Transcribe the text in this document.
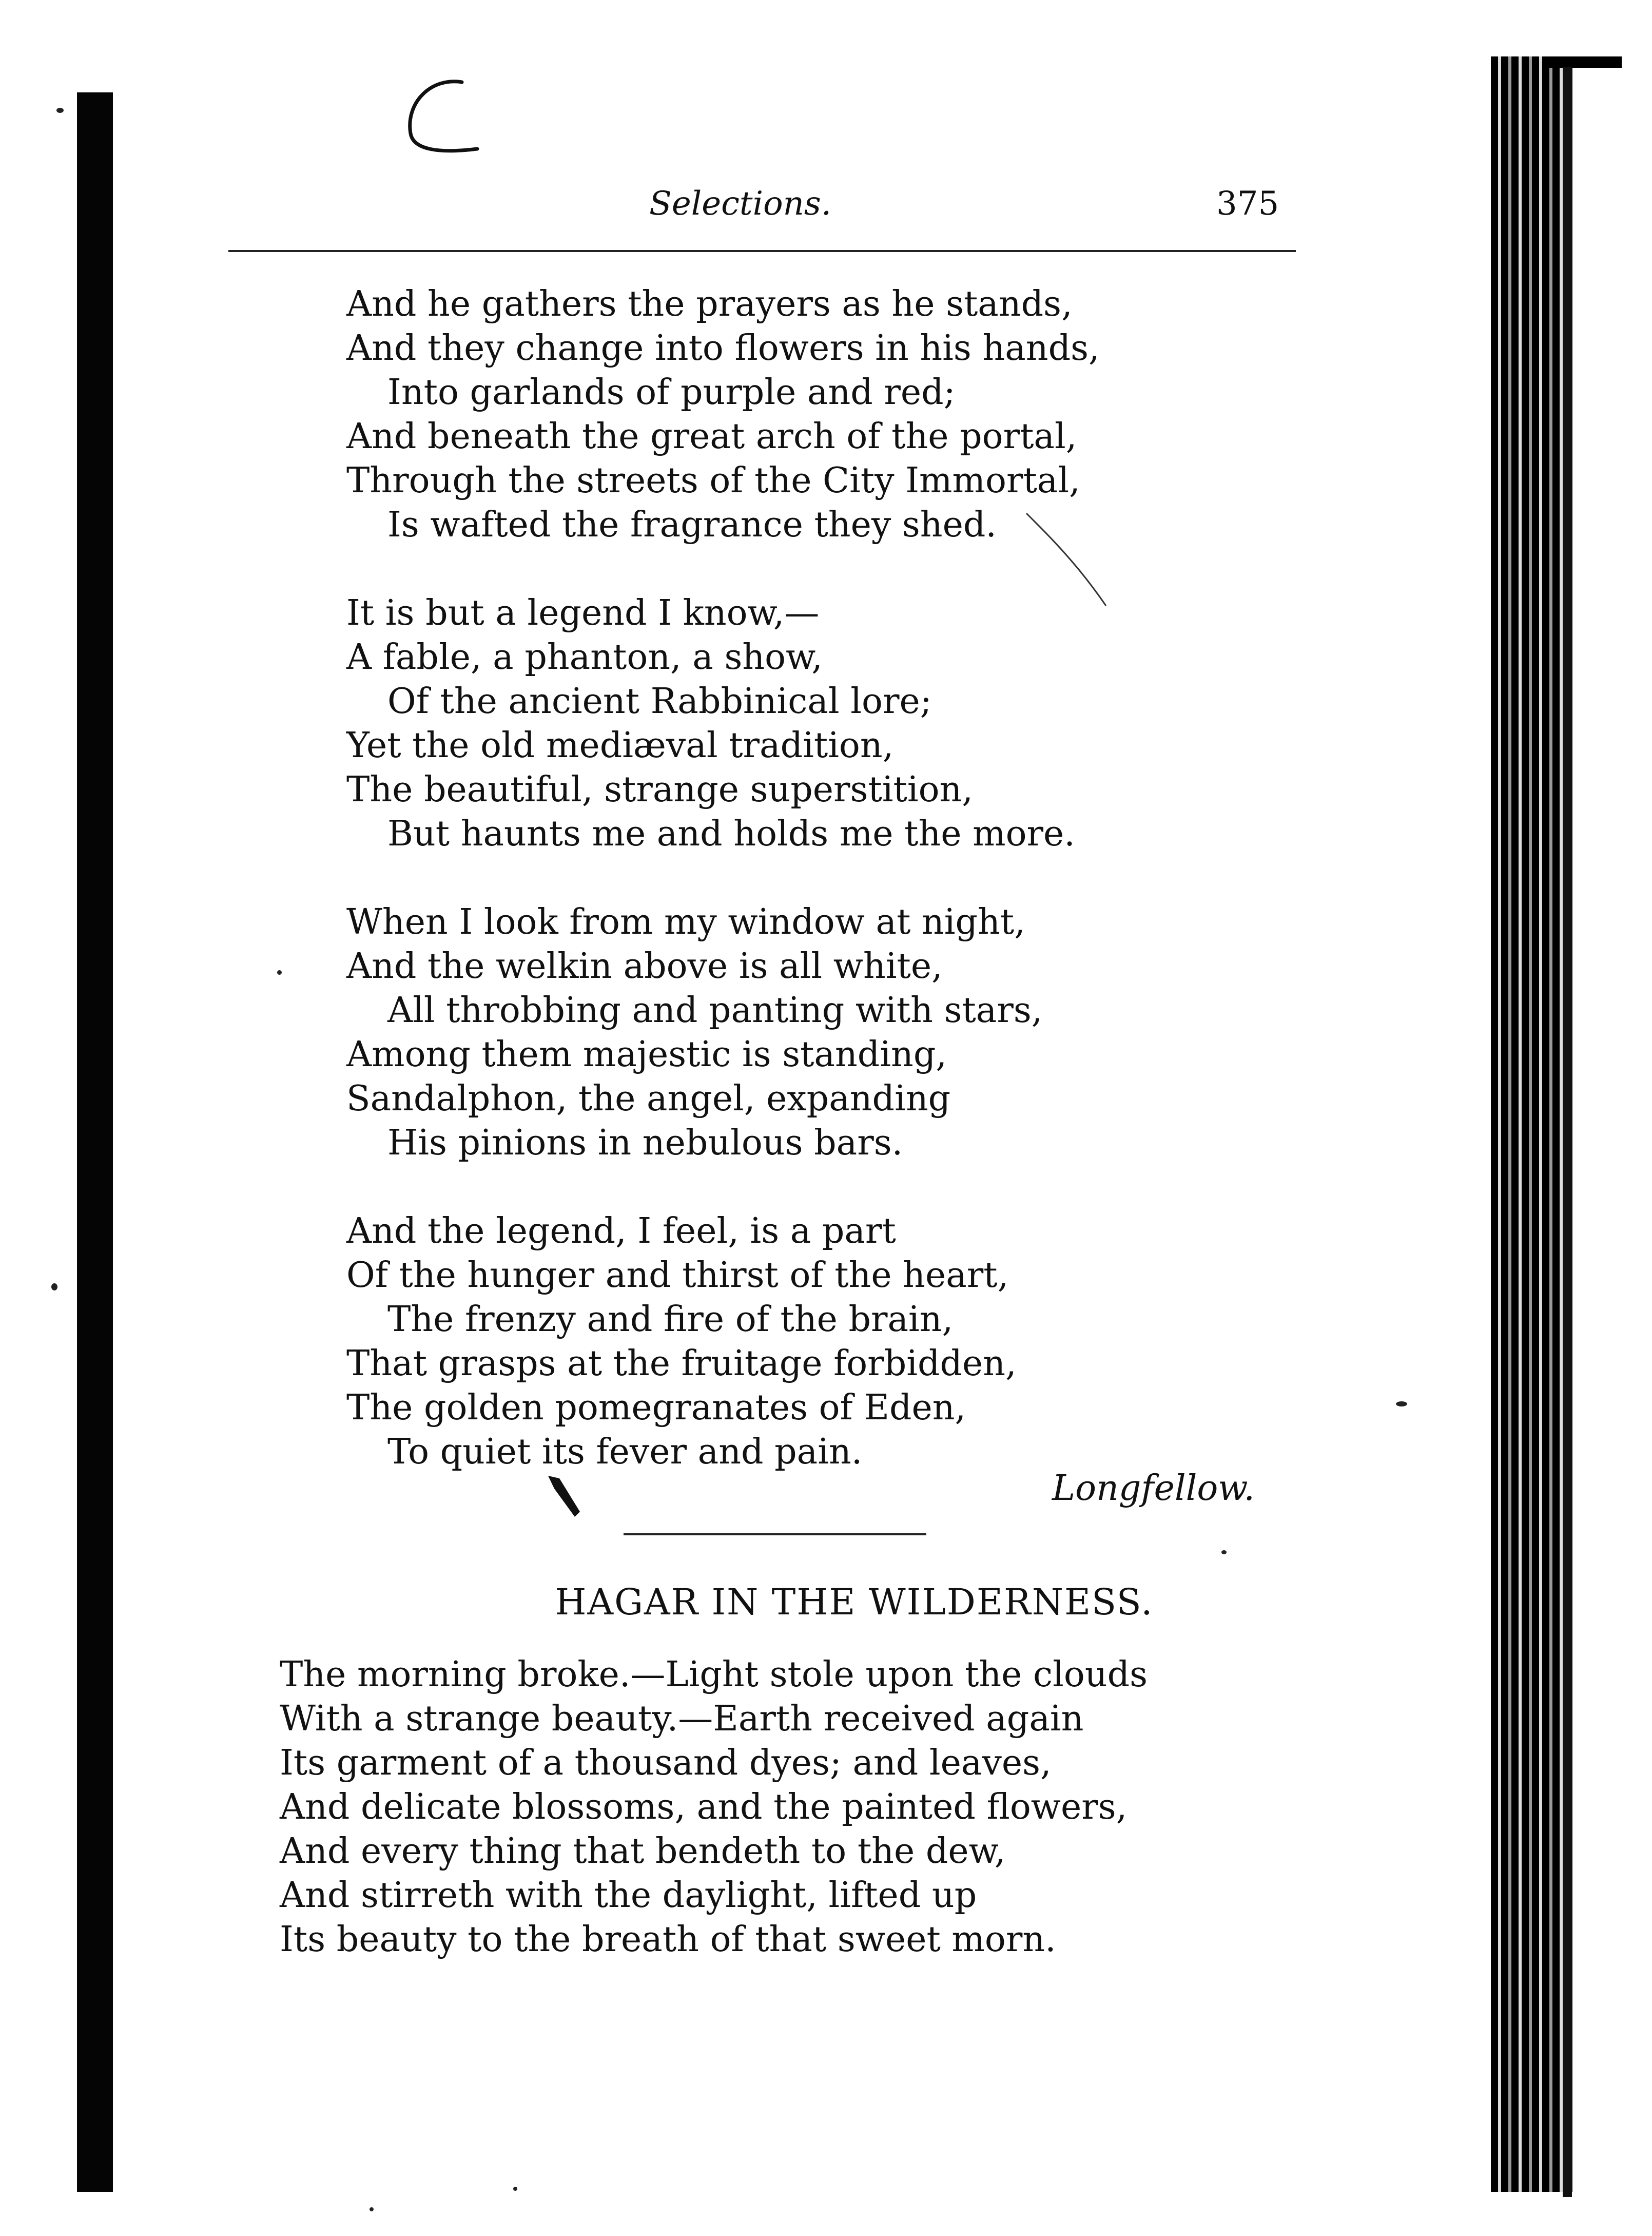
Selections.	375
And he gathers the prayers as he stands,
And they change into flowers in his hands,
Into garlands of purple and red;
And beneath the great arch of the portal,
Through the streets of the City Immortal,
Is wafted the fragrance they shed.
It is but a legend I know,—
A fable, a phanton, a show,
Of the ancient Rabbinical lore;
Yet the old mediæval tradition,
The beautiful, strange superstition,
But haunts me and holds me the more.
When I look from my window at night,
And the welkin above is all white,
All throbbing and panting with stars,
Among them majestic is standing,
Sandalphon, the angel, expanding
His pinions in nebulous bars.
And the legend, I feel, is a part
Of the hunger and thirst of the heart,
The frenzy and fire of the brain,
That grasps at the fruitage forbidden,
The golden pomegranates of Eden,
To quiet its fever and pain.
Longfellow.
HAGAR IN THE WILDERNESS.
The morning broke.—Light stole upon the clouds
With a strange beauty.—Earth received again
Its garment of a thousand dyes; and leaves,
And delicate blossoms, and the painted flowers,
And every thing that bendeth to the dew,
And stirreth with the daylight, lifted up
Its beauty to the breath of that sweet morn.
